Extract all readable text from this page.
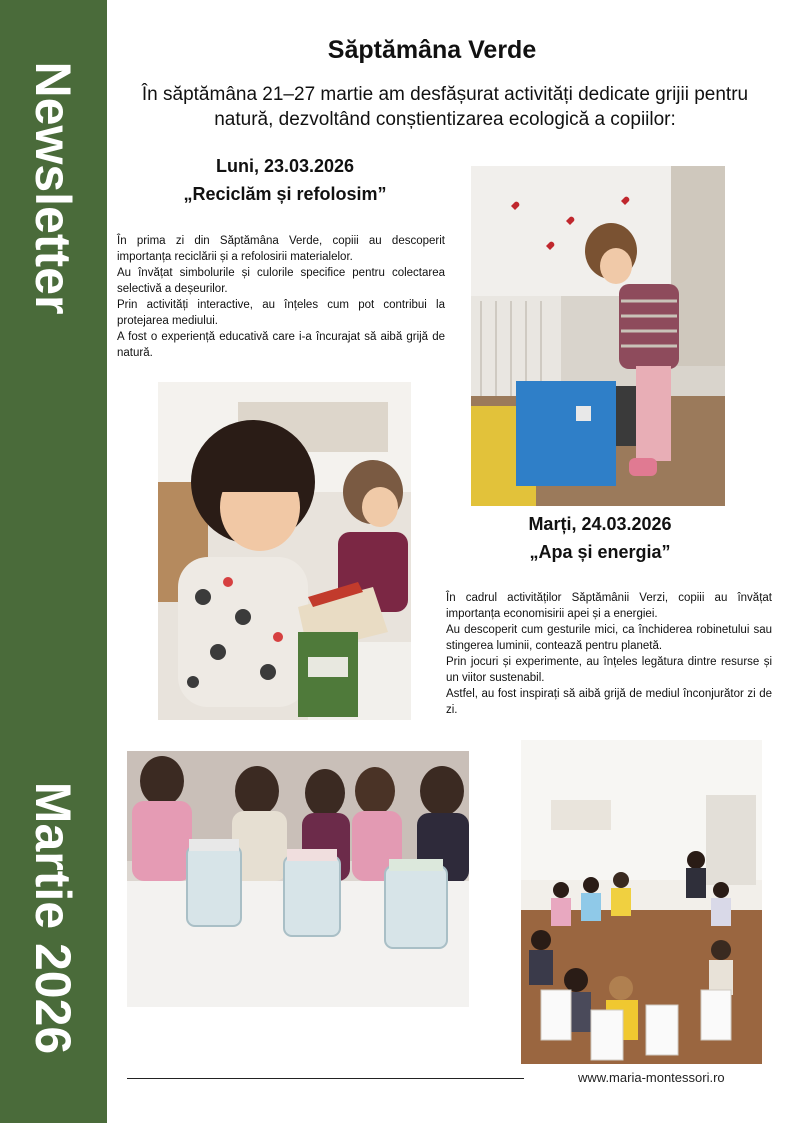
Newsletter
Martie 2026
Săptămâna Verde
În săptămâna 21–27 martie am desfășurat activități dedicate grijii pentru natură, dezvoltând conștientizarea ecologică a copiilor:
Luni, 23.03.2026
„Reciclăm și refolosim”

În prima zi din Săptămâna Verde, copiii au descoperit importanța reciclării și a refolosirii materialelor.

Au învățat simbolurile și culorile specifice pentru colectarea selectivă a deșeurilor.

Prin activități interactive, au înțeles cum pot contribui la protejarea mediului.

A fost o experiență educativă care i-a încurajat să aibă grijă de natură.

Marți, 24.03.2026
„Apa și energia”

În cadrul activităților Săptămânii Verzi, copiii au învățat importanța economisirii apei și a energiei.

Au descoperit cum gesturile mici, ca închiderea robinetului sau stingerea luminii, contează pentru planetă.

Prin jocuri și experimente, au înțeles legătura dintre resurse și un viitor sustenabil.

Astfel, au fost inspirați să aibă grijă de mediul înconjurător zi de zi.

www.maria-montessori.ro
